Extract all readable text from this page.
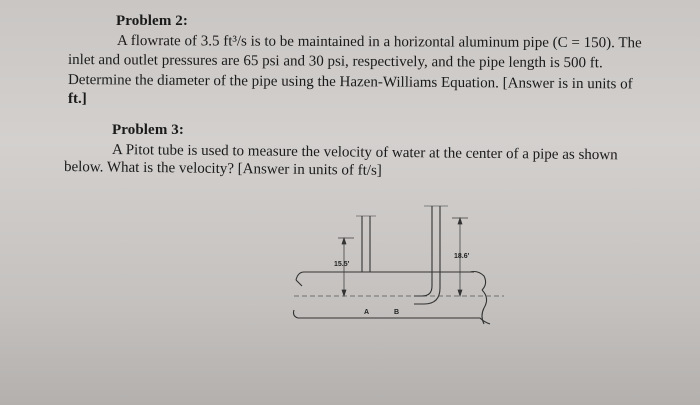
Problem 2:
A flowrate of 3.5 ft³/s is to be maintained in a horizontal aluminum pipe (C = 150). The
inlet and outlet pressures are 65 psi and 30 psi, respectively, and the pipe length is 500 ft.
Determine the diameter of the pipe using the Hazen-Williams Equation. [Answer is in units of
ft.]
Problem 3:
A Pitot tube is used to measure the velocity of water at the center of a pipe as shown
below. What is the velocity? [Answer in units of ft/s]
15.5'
18.6'
A	B
